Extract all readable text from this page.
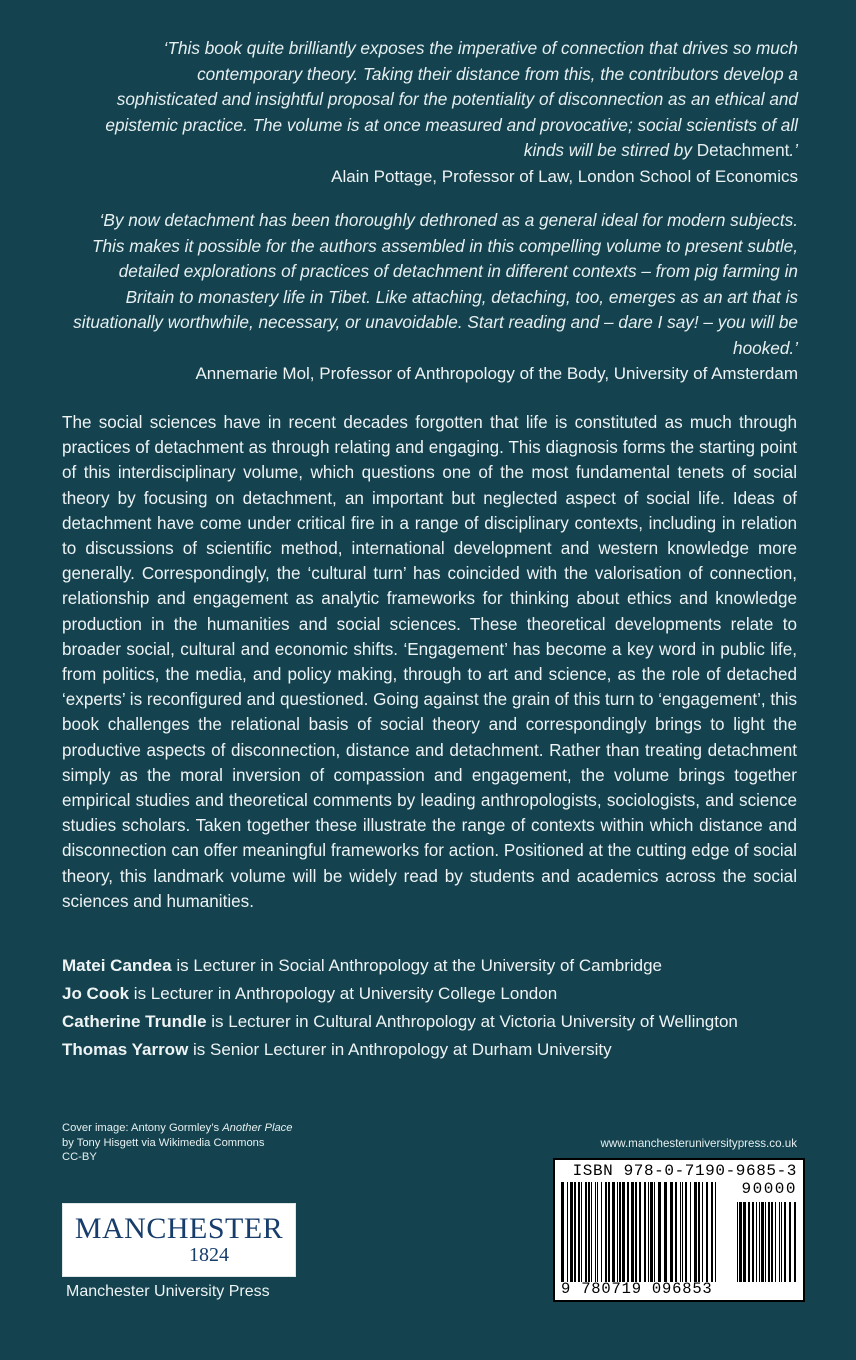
‘This book quite brilliantly exposes the imperative of connection that drives so much contemporary theory. Taking their distance from this, the contributors develop a sophisticated and insightful proposal for the potentiality of disconnection as an ethical and epistemic practice. The volume is at once measured and provocative; social scientists of all kinds will be stirred by Detachment.’
Alain Pottage, Professor of Law, London School of Economics
‘By now detachment has been thoroughly dethroned as a general ideal for modern subjects. This makes it possible for the authors assembled in this compelling volume to present subtle, detailed explorations of practices of detachment in different contexts – from pig farming in Britain to monastery life in Tibet. Like attaching, detaching, too, emerges as an art that is situationally worthwhile, necessary, or unavoidable. Start reading and – dare I say! – you will be hooked.’
Annemarie Mol, Professor of Anthropology of the Body, University of Amsterdam
The social sciences have in recent decades forgotten that life is constituted as much through practices of detachment as through relating and engaging. This diagnosis forms the starting point of this interdisciplinary volume, which questions one of the most fundamental tenets of social theory by focusing on detachment, an important but neglected aspect of social life. Ideas of detachment have come under critical fire in a range of disciplinary contexts, including in relation to discussions of scientific method, international development and western knowledge more generally. Correspondingly, the ‘cultural turn’ has coincided with the valorisation of connection, relationship and engagement as analytic frameworks for thinking about ethics and knowledge production in the humanities and social sciences. These theoretical developments relate to broader social, cultural and economic shifts. ‘Engagement’ has become a key word in public life, from politics, the media, and policy making, through to art and science, as the role of detached ‘experts’ is reconfigured and questioned. Going against the grain of this turn to ‘engagement’, this book challenges the relational basis of social theory and correspondingly brings to light the productive aspects of disconnection, distance and detachment. Rather than treating detachment simply as the moral inversion of compassion and engagement, the volume brings together empirical studies and theoretical comments by leading anthropologists, sociologists, and science studies scholars. Taken together these illustrate the range of contexts within which distance and disconnection can offer meaningful frameworks for action. Positioned at the cutting edge of social theory, this landmark volume will be widely read by students and academics across the social sciences and humanities.
Matei Candea is Lecturer in Social Anthropology at the University of Cambridge
Jo Cook is Lecturer in Anthropology at University College London
Catherine Trundle is Lecturer in Cultural Anthropology at Victoria University of Wellington
Thomas Yarrow is Senior Lecturer in Anthropology at Durham University
Cover image: Antony Gormley’s Another Place
by Tony Hisgett via Wikimedia Commons
CC-BY
MANCHESTER
1824
Manchester University Press
www.manchesteruniversitypress.co.uk
ISBN 978-0-7190-9685-3
90000
9 780719 096853
